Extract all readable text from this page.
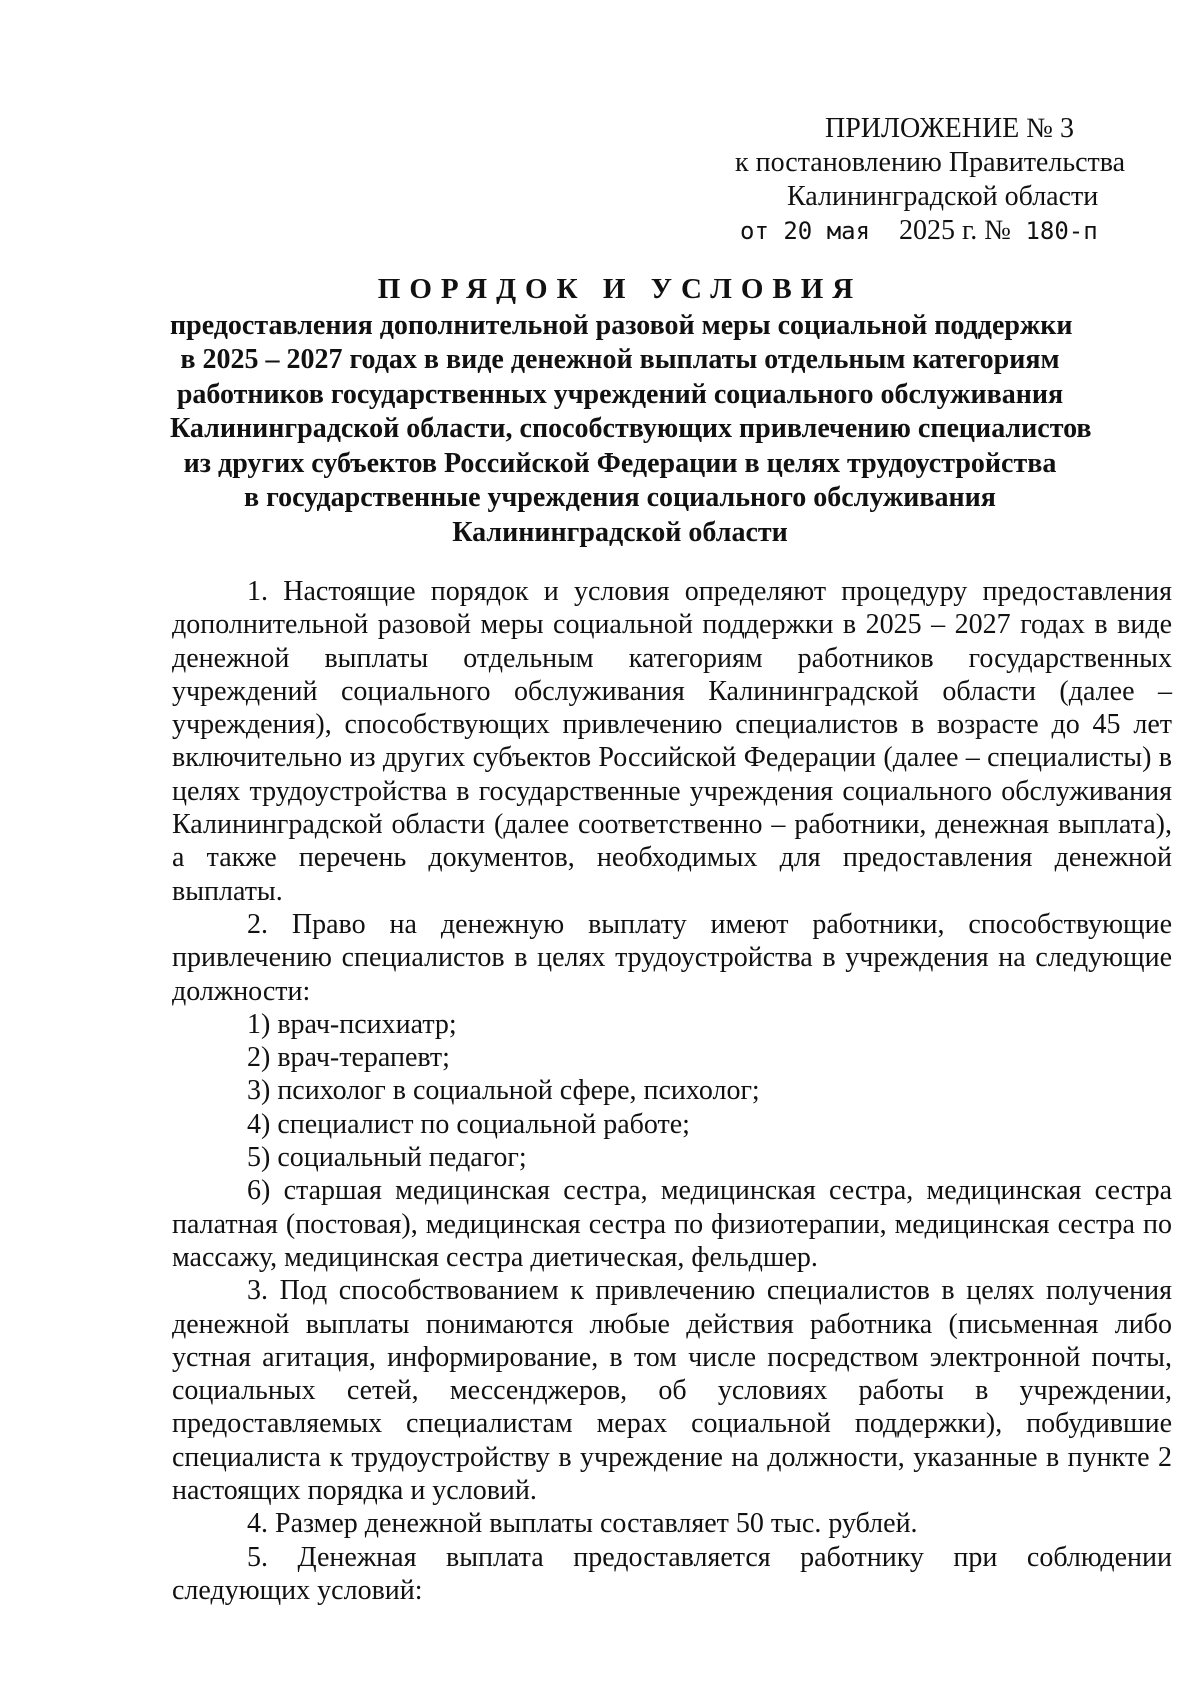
ПРИЛОЖЕНИЕ № 3
к постановлению Правительства
Калининградской области
от 20 мая 2025 г. № 180-п
ПОРЯДОК И УСЛОВИЯ
предоставления дополнительной разовой меры социальной поддержки
в 2025 – 2027 годах в виде денежной выплаты отдельным категориям
работников государственных учреждений социального обслуживания
Калининградской области, способствующих привлечению специалистов
из других субъектов Российской Федерации в целях трудоустройства
в государственные учреждения социального обслуживания
Калининградской области

1. Настоящие порядок и условия определяют процедуру предоставления дополнительной разовой меры социальной поддержки в 2025 – 2027 годах в виде денежной выплаты отдельным категориям работников государственных учреждений социального обслуживания Калининградской области (далее – учреждения), способствующих привлечению специалистов в возрасте до 45 лет включительно из других субъектов Российской Федерации (далее – специалисты) в целях трудоустройства в государственные учреждения социального обслуживания Калининградской области (далее соответственно – работники, денежная выплата), а также перечень документов, необходимых для предоставления денежной выплаты.

2. Право на денежную выплату имеют работники, способствующие привлечению специалистов в целях трудоустройства в учреждения на следующие должности:

1) врач-психиатр;

2) врач-терапевт;

3) психолог в социальной сфере, психолог;

4) специалист по социальной работе;

5) социальный педагог;

6) старшая медицинская сестра, медицинская сестра, медицинская сестра палатная (постовая), медицинская сестра по физиотерапии, медицинская сестра по массажу, медицинская сестра диетическая, фельдшер.

3. Под способствованием к привлечению специалистов в целях получения денежной выплаты понимаются любые действия работника (письменная либо устная агитация, информирование, в том числе посредством электронной почты, социальных сетей, мессенджеров, об условиях работы в учреждении, предоставляемых специалистам мерах социальной поддержки), побудившие специалиста к трудоустройству в учреждение на должности, указанные в пункте 2 настоящих порядка и условий.

4. Размер денежной выплаты составляет 50 тыс. рублей.

5. Денежная выплата предоставляется работнику при соблюдении следующих условий:
